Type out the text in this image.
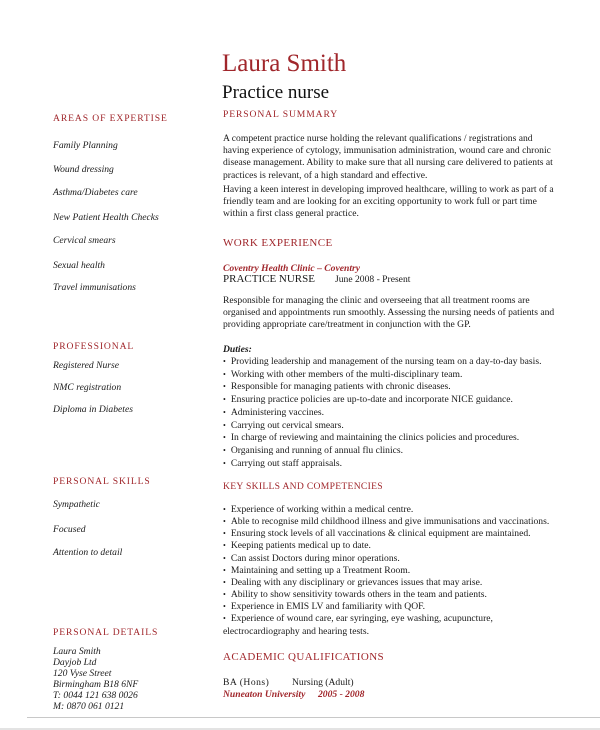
Laura Smith
Practice nurse
AREAS OF EXPERTISE
Family Planning
Wound dressing
Asthma/Diabetes care
New Patient Health Checks
Cervical smears
Sexual health
Travel immunisations
PROFESSIONAL
Registered Nurse
NMC registration
Diploma in Diabetes
PERSONAL SKILLS
Sympathetic
Focused
Attention to detail
PERSONAL DETAILS
Laura Smith
Dayjob Ltd
120 Vyse Street
Birmingham B18 6NF
T: 0044 121 638 0026
M: 0870 061 0121
PERSONAL SUMMARY

A competent practice nurse holding the relevant qualifications / registrations and having experience of cytology, immunisation administration, wound care and chronic disease management. Ability to make sure that all nursing care delivered to patients at practices is relevant, of a high standard and effective.

Having a keen interest in developing improved healthcare, willing to work as part of a friendly team and are looking for an exciting opportunity to work full or part time within a first class general practice.

WORK EXPERIENCE
Coventry Health Clinic – Coventry
PRACTICE NURSE June 2008 - Present

Responsible for managing the clinic and overseeing that all treatment rooms are organised and appointments run smoothly. Assessing the nursing needs of patients and providing appropriate care/treatment in conjunction with the GP.

Duties:
• Providing leadership and management of the nursing team on a day-to-day basis.
• Working with other members of the multi-disciplinary team.
• Responsible for managing patients with chronic diseases.
• Ensuring practice policies are up-to-date and incorporate NICE guidance.
• Administering vaccines.
• Carrying out cervical smears.
• In charge of reviewing and maintaining the clinics policies and procedures.
• Organising and running of annual flu clinics.
• Carrying out staff appraisals.
KEY SKILLS AND COMPETENCIES
• Experience of working within a medical centre.
• Able to recognise mild childhood illness and give immunisations and vaccinations.
• Ensuring stock levels of all vaccinations & clinical equipment are maintained.
• Keeping patients medical up to date.
• Can assist Doctors during minor operations.
• Maintaining and setting up a Treatment Room.
• Dealing with any disciplinary or grievances issues that may arise.
• Ability to show sensitivity towards others in the team and patients.
• Experience in EMIS LV and familiarity with QOF.
• Experience of wound care, ear syringing, eye washing, acupuncture,
electrocardiography and hearing tests.
ACADEMIC QUALIFICATIONS
BA (Hons) Nursing (Adult)
Nuneaton University 2005 - 2008
